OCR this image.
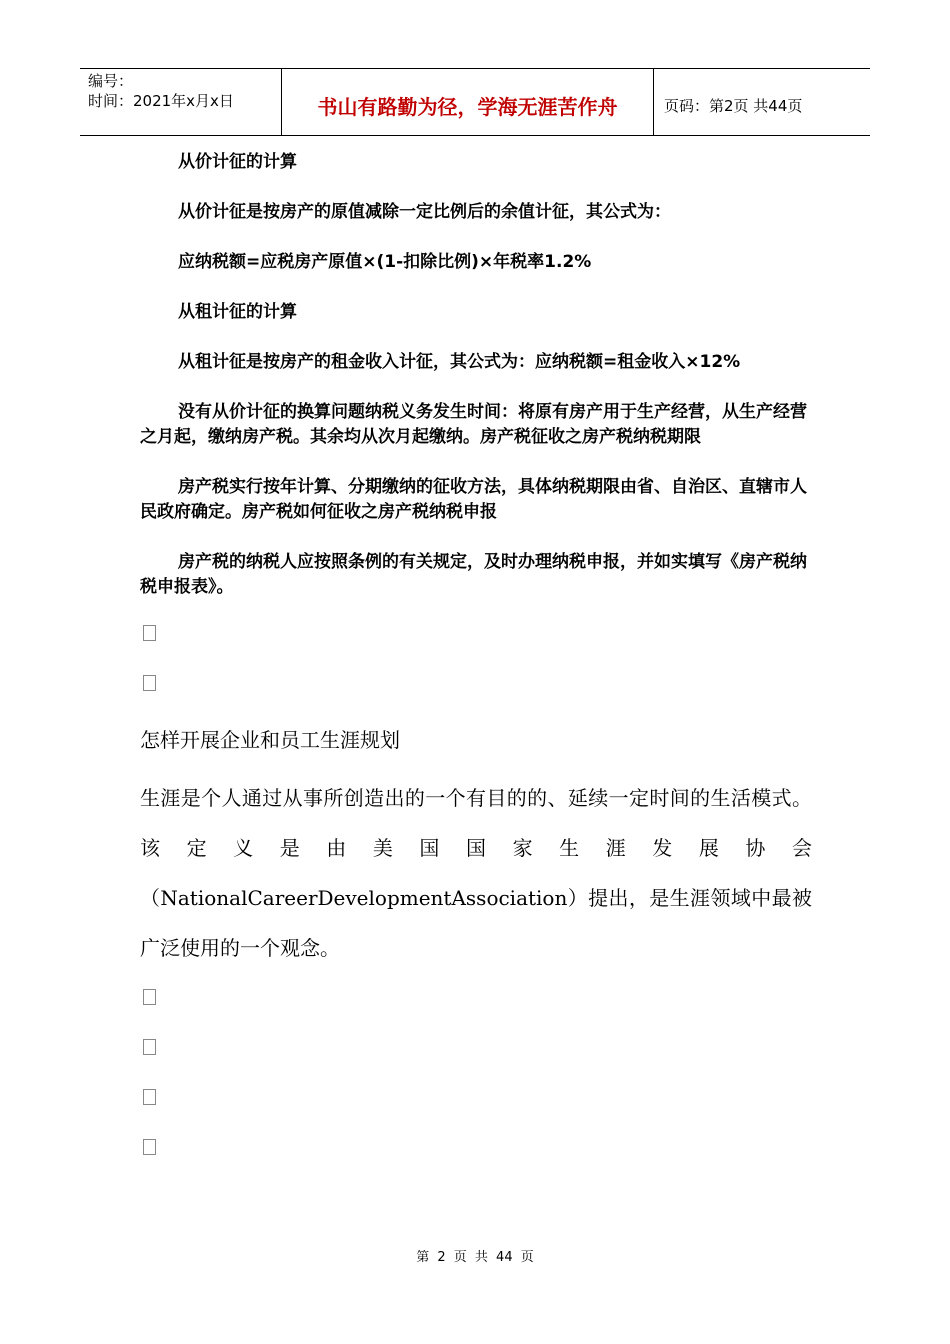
编号：
时间：2021年x月x日	书山有路勤为径，学海无涯苦作舟	页码：第2页 共44页

从价计征的计算

从价计征是按房产的原值减除一定比例后的余值计征，其公式为：

应纳税额=应税房产原值×(1-扣除比例)×年税率1.2%

从租计征的计算

从租计征是按房产的租金收入计征，其公式为：应纳税额=租金收入×12%

没有从价计征的换算问题纳税义务发生时间：将原有房产用于生产经营，从生产经营之月起，缴纳房产税。其余均从次月起缴纳。房产税征收之房产税纳税期限

房产税实行按年计算、分期缴纳的征收方法，具体纳税期限由省、自治区、直辖市人民政府确定。房产税如何征收之房产税纳税申报

房产税的纳税人应按照条例的有关规定，及时办理纳税申报，并如实填写《房产税纳税申报表》。

怎样开展企业和员工生涯规划

生涯是个人通过从事所创造出的一个有目的的、延续一定时间的生活模式。该定义是由美国国家生涯发展协会（NationalCareerDevelopmentAssociation）提出，是生涯领域中最被广泛使用的一个观念。

第 2 页 共 44 页
